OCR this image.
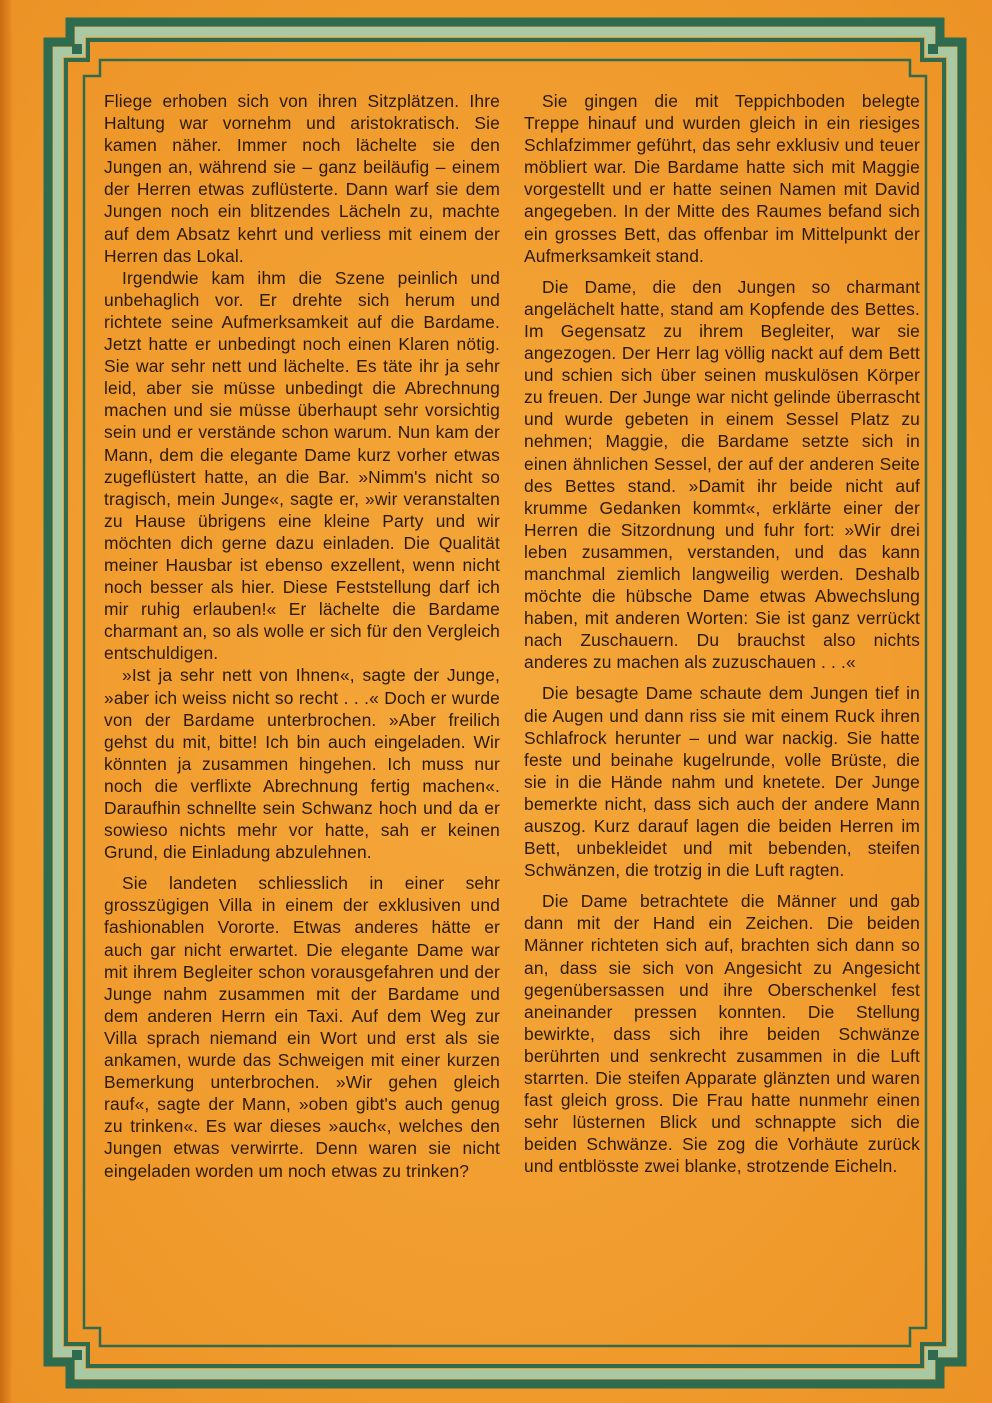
Fliege erhoben sich von ihren Sitzplätzen. Ihre Haltung war vornehm und aristokratisch. Sie kamen näher. Immer noch lächelte sie den Jungen an, während sie – ganz beiläufig – einem der Herren etwas zuflüsterte. Dann warf sie dem Jungen noch ein blitzendes Lächeln zu, machte auf dem Absatz kehrt und verliess mit einem der Herren das Lokal.

Irgendwie kam ihm die Szene peinlich und unbehaglich vor. Er drehte sich herum und richtete seine Aufmerksamkeit auf die Bardame. Jetzt hatte er unbedingt noch einen Klaren nötig. Sie war sehr nett und lächelte. Es täte ihr ja sehr leid, aber sie müsse unbedingt die Abrechnung machen und sie müsse überhaupt sehr vorsichtig sein und er verstände schon warum. Nun kam der Mann, dem die elegante Dame kurz vorher etwas zugeflüstert hatte, an die Bar. »Nimm's nicht so tragisch, mein Junge«, sagte er, »wir veranstalten zu Hause übrigens eine kleine Party und wir möchten dich gerne dazu einladen. Die Qualität meiner Hausbar ist ebenso exzellent, wenn nicht noch besser als hier. Diese Feststellung darf ich mir ruhig erlauben!« Er lächelte die Bardame charmant an, so als wolle er sich für den Vergleich entschuldigen.

»Ist ja sehr nett von Ihnen«, sagte der Junge, »aber ich weiss nicht so recht . . .« Doch er wurde von der Bardame unterbrochen. »Aber freilich gehst du mit, bitte! Ich bin auch eingeladen. Wir könnten ja zusammen hingehen. Ich muss nur noch die verflixte Abrechnung fertig machen«. Daraufhin schnellte sein Schwanz hoch und da er sowieso nichts mehr vor hatte, sah er keinen Grund, die Einladung abzulehnen.

Sie landeten schliesslich in einer sehr grosszügigen Villa in einem der exklusiven und fashionablen Vororte. Etwas anderes hätte er auch gar nicht erwartet. Die elegante Dame war mit ihrem Begleiter schon vorausgefahren und der Junge nahm zusammen mit der Bardame und dem anderen Herrn ein Taxi. Auf dem Weg zur Villa sprach niemand ein Wort und erst als sie ankamen, wurde das Schweigen mit einer kurzen Bemerkung unterbrochen. »Wir gehen gleich rauf«, sagte der Mann, »oben gibt's auch genug zu trinken«. Es war dieses »auch«, welches den Jungen etwas verwirrte. Denn waren sie nicht eingeladen worden um noch etwas zu trinken?

Sie gingen die mit Teppichboden belegte Treppe hinauf und wurden gleich in ein riesiges Schlafzimmer geführt, das sehr exklusiv und teuer möbliert war. Die Bardame hatte sich mit Maggie vorgestellt und er hatte seinen Namen mit David angegeben. In der Mitte des Raumes befand sich ein grosses Bett, das offenbar im Mittelpunkt der Aufmerksamkeit stand.

Die Dame, die den Jungen so charmant angelächelt hatte, stand am Kopfende des Bettes. Im Gegensatz zu ihrem Begleiter, war sie angezogen. Der Herr lag völlig nackt auf dem Bett und schien sich über seinen muskulösen Körper zu freuen. Der Junge war nicht gelinde überrascht und wurde gebeten in einem Sessel Platz zu nehmen; Maggie, die Bardame setzte sich in einen ähnlichen Sessel, der auf der anderen Seite des Bettes stand. »Damit ihr beide nicht auf krumme Gedanken kommt«, erklärte einer der Herren die Sitzordnung und fuhr fort: »Wir drei leben zusammen, verstanden, und das kann manchmal ziemlich langweilig werden. Deshalb möchte die hübsche Dame etwas Abwechslung haben, mit anderen Worten: Sie ist ganz verrückt nach Zuschauern. Du brauchst also nichts anderes zu machen als zuzuschauen . . .«

Die besagte Dame schaute dem Jungen tief in die Augen und dann riss sie mit einem Ruck ihren Schlafrock herunter – und war nackig. Sie hatte feste und beinahe kugelrunde, volle Brüste, die sie in die Hände nahm und knetete. Der Junge bemerkte nicht, dass sich auch der andere Mann auszog. Kurz darauf lagen die beiden Herren im Bett, unbekleidet und mit bebenden, steifen Schwänzen, die trotzig in die Luft ragten.

Die Dame betrachtete die Männer und gab dann mit der Hand ein Zeichen. Die beiden Männer richteten sich auf, brachten sich dann so an, dass sie sich von Angesicht zu Angesicht gegenübersassen und ihre Oberschenkel fest aneinander pressen konnten. Die Stellung bewirkte, dass sich ihre beiden Schwänze berührten und senkrecht zusammen in die Luft starrten. Die steifen Apparate glänzten und waren fast gleich gross. Die Frau hatte nunmehr einen sehr lüsternen Blick und schnappte sich die beiden Schwänze. Sie zog die Vorhäute zurück und entblösste zwei blanke, strotzende Eicheln.
